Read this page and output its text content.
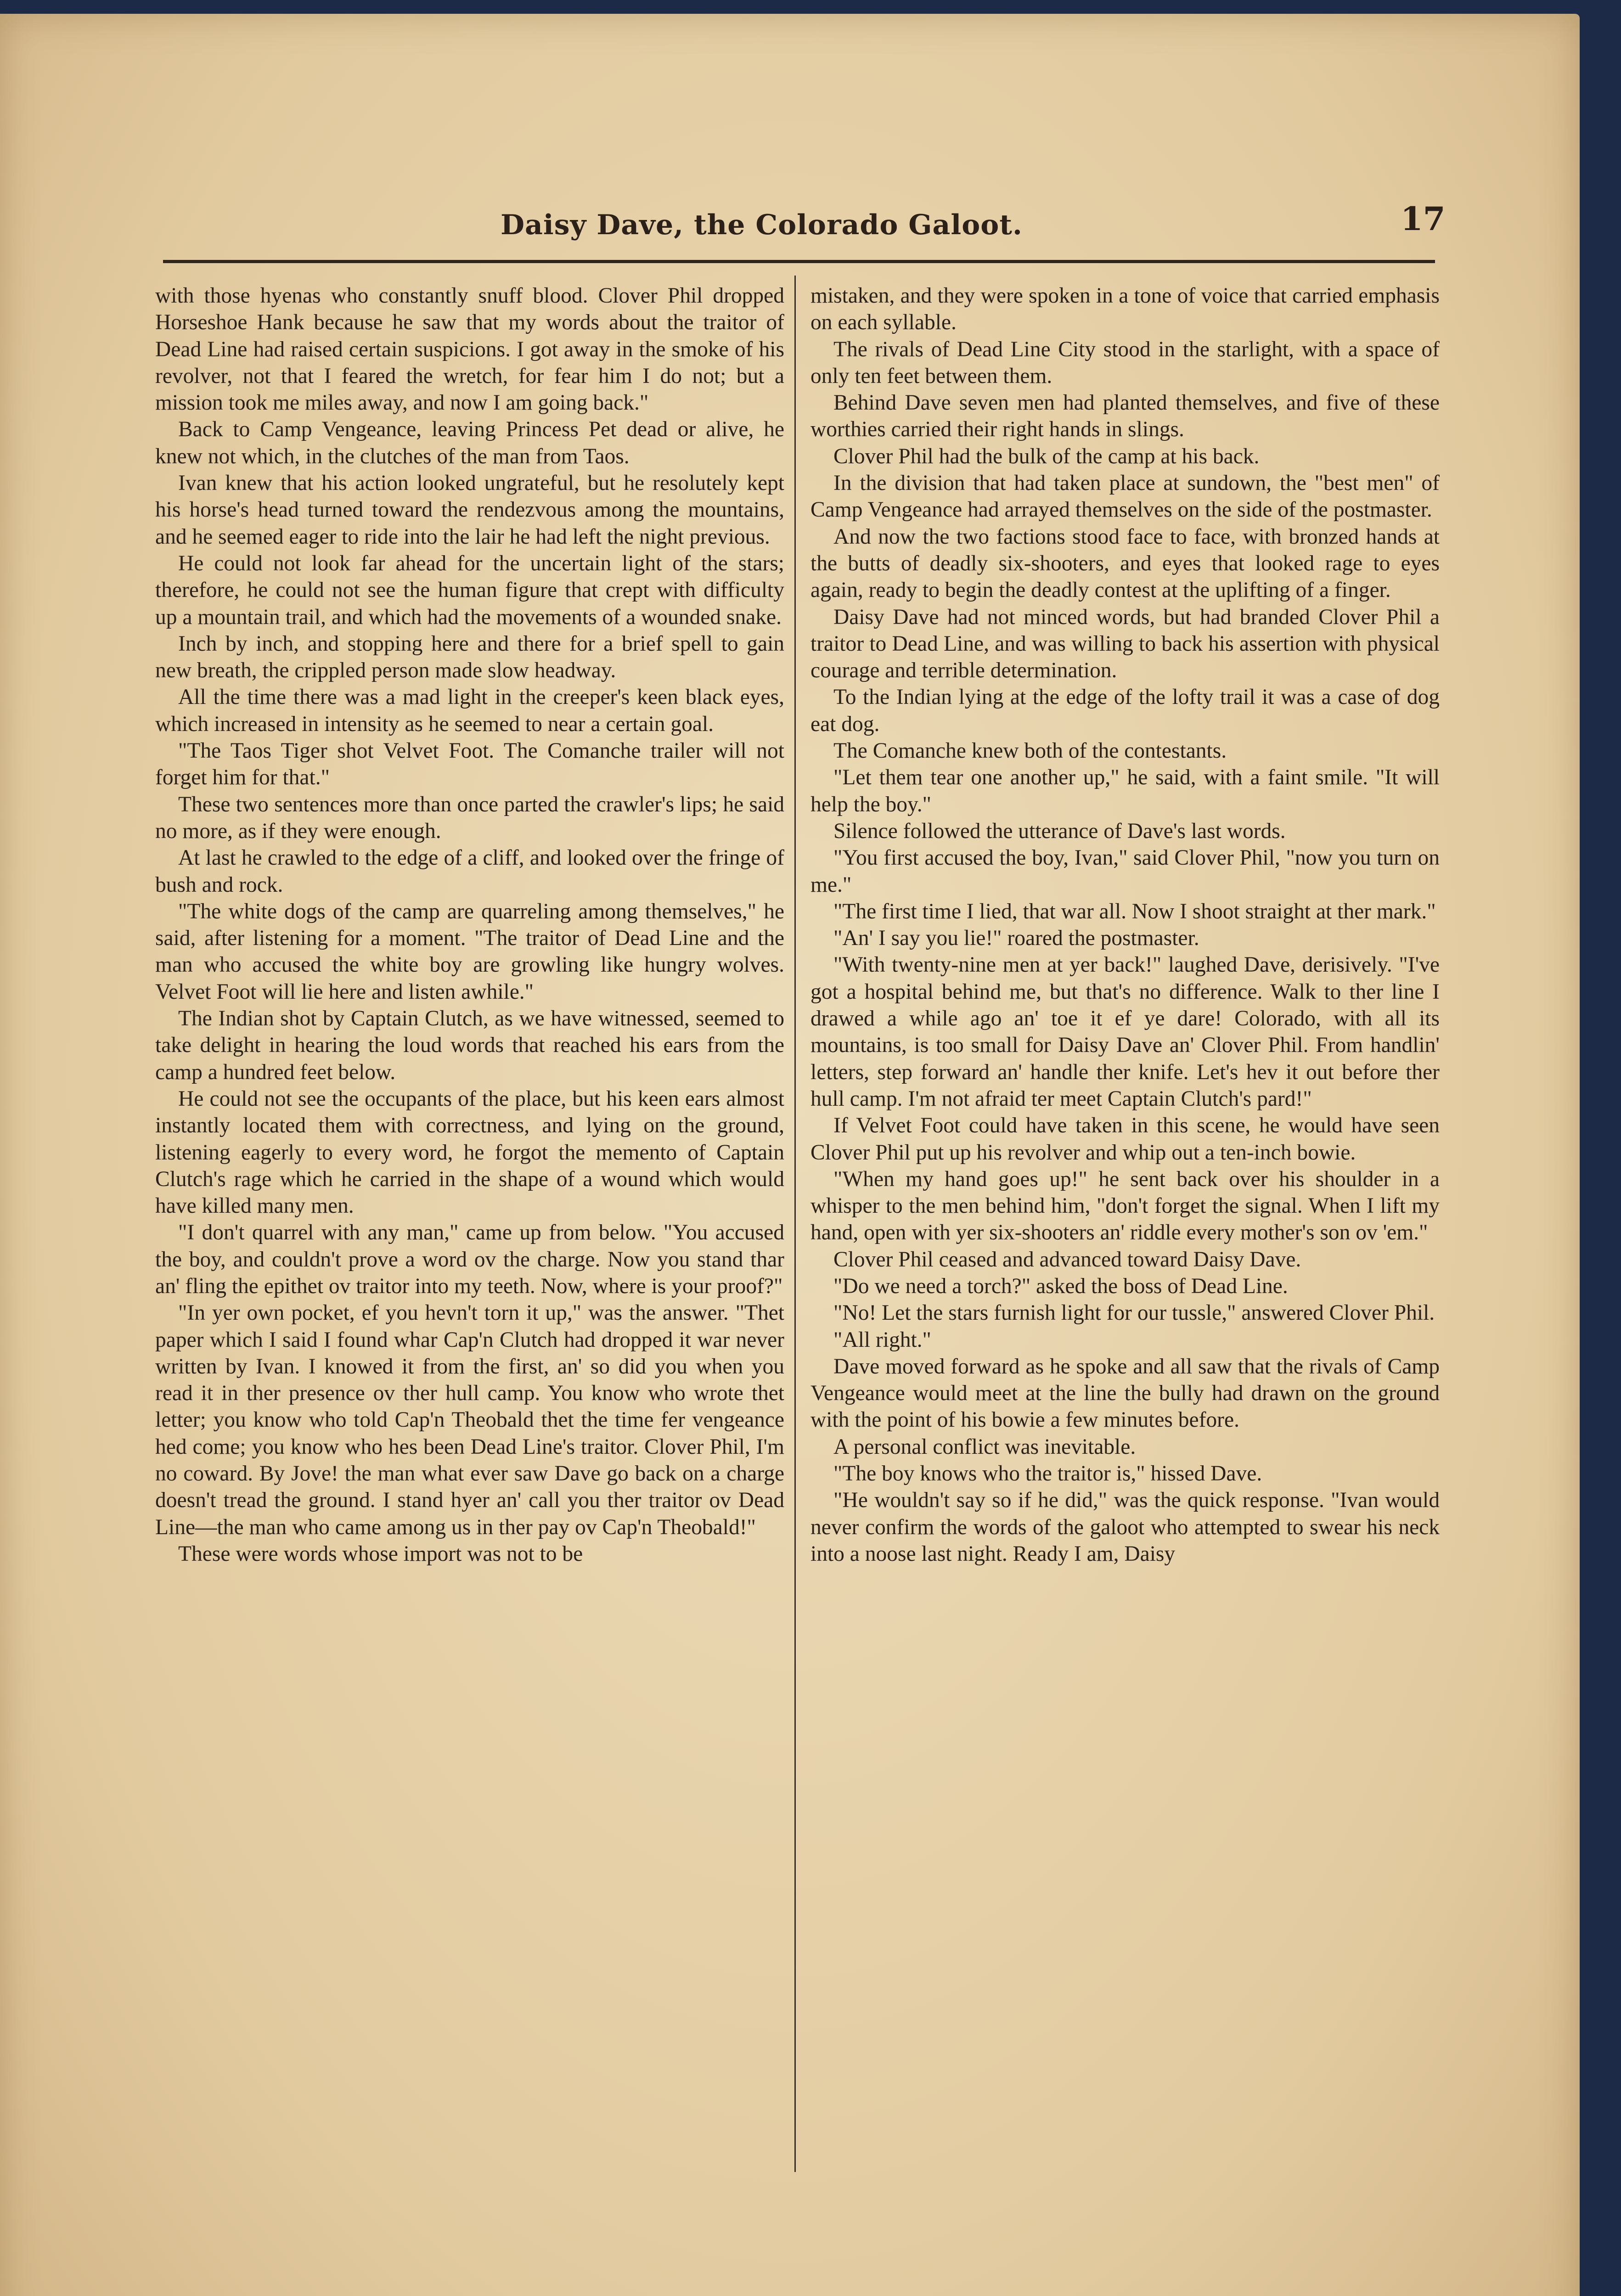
Daisy Dave, the Colorado Galoot.	17

with those hyenas who constantly snuff blood. Clover Phil dropped Horseshoe Hank because he saw that my words about the traitor of Dead Line had raised certain suspicions. I got away in the smoke of his revolver, not that I feared the wretch, for fear him I do not; but a mission took me miles away, and now I am going back."

Back to Camp Vengeance, leaving Princess Pet dead or alive, he knew not which, in the clutches of the man from Taos.

Ivan knew that his action looked ungrateful, but he resolutely kept his horse's head turned toward the rendezvous among the mountains, and he seemed eager to ride into the lair he had left the night previous.

He could not look far ahead for the uncertain light of the stars; therefore, he could not see the human figure that crept with difficulty up a mountain trail, and which had the movements of a wounded snake.

Inch by inch, and stopping here and there for a brief spell to gain new breath, the crippled person made slow headway.

All the time there was a mad light in the creeper's keen black eyes, which increased in intensity as he seemed to near a certain goal.

"The Taos Tiger shot Velvet Foot. The Comanche trailer will not forget him for that."

These two sentences more than once parted the crawler's lips; he said no more, as if they were enough.

At last he crawled to the edge of a cliff, and looked over the fringe of bush and rock.

"The white dogs of the camp are quarreling among themselves," he said, after listening for a moment. "The traitor of Dead Line and the man who accused the white boy are growling like hungry wolves. Velvet Foot will lie here and listen awhile."

The Indian shot by Captain Clutch, as we have witnessed, seemed to take delight in hearing the loud words that reached his ears from the camp a hundred feet below.

He could not see the occupants of the place, but his keen ears almost instantly located them with correctness, and lying on the ground, listening eagerly to every word, he forgot the memento of Captain Clutch's rage which he carried in the shape of a wound which would have killed many men.

"I don't quarrel with any man," came up from below. "You accused the boy, and couldn't prove a word ov the charge. Now you stand thar an' fling the epithet ov traitor into my teeth. Now, where is your proof?"

"In yer own pocket, ef you hevn't torn it up," was the answer. "Thet paper which I said I found whar Cap'n Clutch had dropped it war never written by Ivan. I knowed it from the first, an' so did you when you read it in ther presence ov ther hull camp. You know who wrote thet letter; you know who told Cap'n Theobald thet the time fer vengeance hed come; you know who hes been Dead Line's traitor. Clover Phil, I'm no coward. By Jove! the man what ever saw Dave go back on a charge doesn't tread the ground. I stand hyer an' call you ther traitor ov Dead Line—the man who came among us in ther pay ov Cap'n Theobald!"

These were words whose import was not to be

mistaken, and they were spoken in a tone of voice that carried emphasis on each syllable.

The rivals of Dead Line City stood in the starlight, with a space of only ten feet between them.

Behind Dave seven men had planted themselves, and five of these worthies carried their right hands in slings.

Clover Phil had the bulk of the camp at his back.

In the division that had taken place at sundown, the "best men" of Camp Vengeance had arrayed themselves on the side of the postmaster.

And now the two factions stood face to face, with bronzed hands at the butts of deadly six-shooters, and eyes that looked rage to eyes again, ready to begin the deadly contest at the uplifting of a finger.

Daisy Dave had not minced words, but had branded Clover Phil a traitor to Dead Line, and was willing to back his assertion with physical courage and terrible determination.

To the Indian lying at the edge of the lofty trail it was a case of dog eat dog.

The Comanche knew both of the contestants.

"Let them tear one another up," he said, with a faint smile. "It will help the boy."

Silence followed the utterance of Dave's last words.

"You first accused the boy, Ivan," said Clover Phil, "now you turn on me."

"The first time I lied, that war all. Now I shoot straight at ther mark."

"An' I say you lie!" roared the postmaster.

"With twenty-nine men at yer back!" laughed Dave, derisively. "I've got a hospital behind me, but that's no difference. Walk to ther line I drawed a while ago an' toe it ef ye dare! Colorado, with all its mountains, is too small for Daisy Dave an' Clover Phil. From handlin' letters, step forward an' handle ther knife. Let's hev it out before ther hull camp. I'm not afraid ter meet Captain Clutch's pard!"

If Velvet Foot could have taken in this scene, he would have seen Clover Phil put up his revolver and whip out a ten-inch bowie.

"When my hand goes up!" he sent back over his shoulder in a whisper to the men behind him, "don't forget the signal. When I lift my hand, open with yer six-shooters an' riddle every mother's son ov 'em."

Clover Phil ceased and advanced toward Daisy Dave.

"Do we need a torch?" asked the boss of Dead Line.

"No! Let the stars furnish light for our tussle," answered Clover Phil.

"All right."

Dave moved forward as he spoke and all saw that the rivals of Camp Vengeance would meet at the line the bully had drawn on the ground with the point of his bowie a few minutes before.

A personal conflict was inevitable.

"The boy knows who the traitor is," hissed Dave.

"He wouldn't say so if he did," was the quick response. "Ivan would never confirm the words of the galoot who attempted to swear his neck into a noose last night. Ready I am, Daisy
